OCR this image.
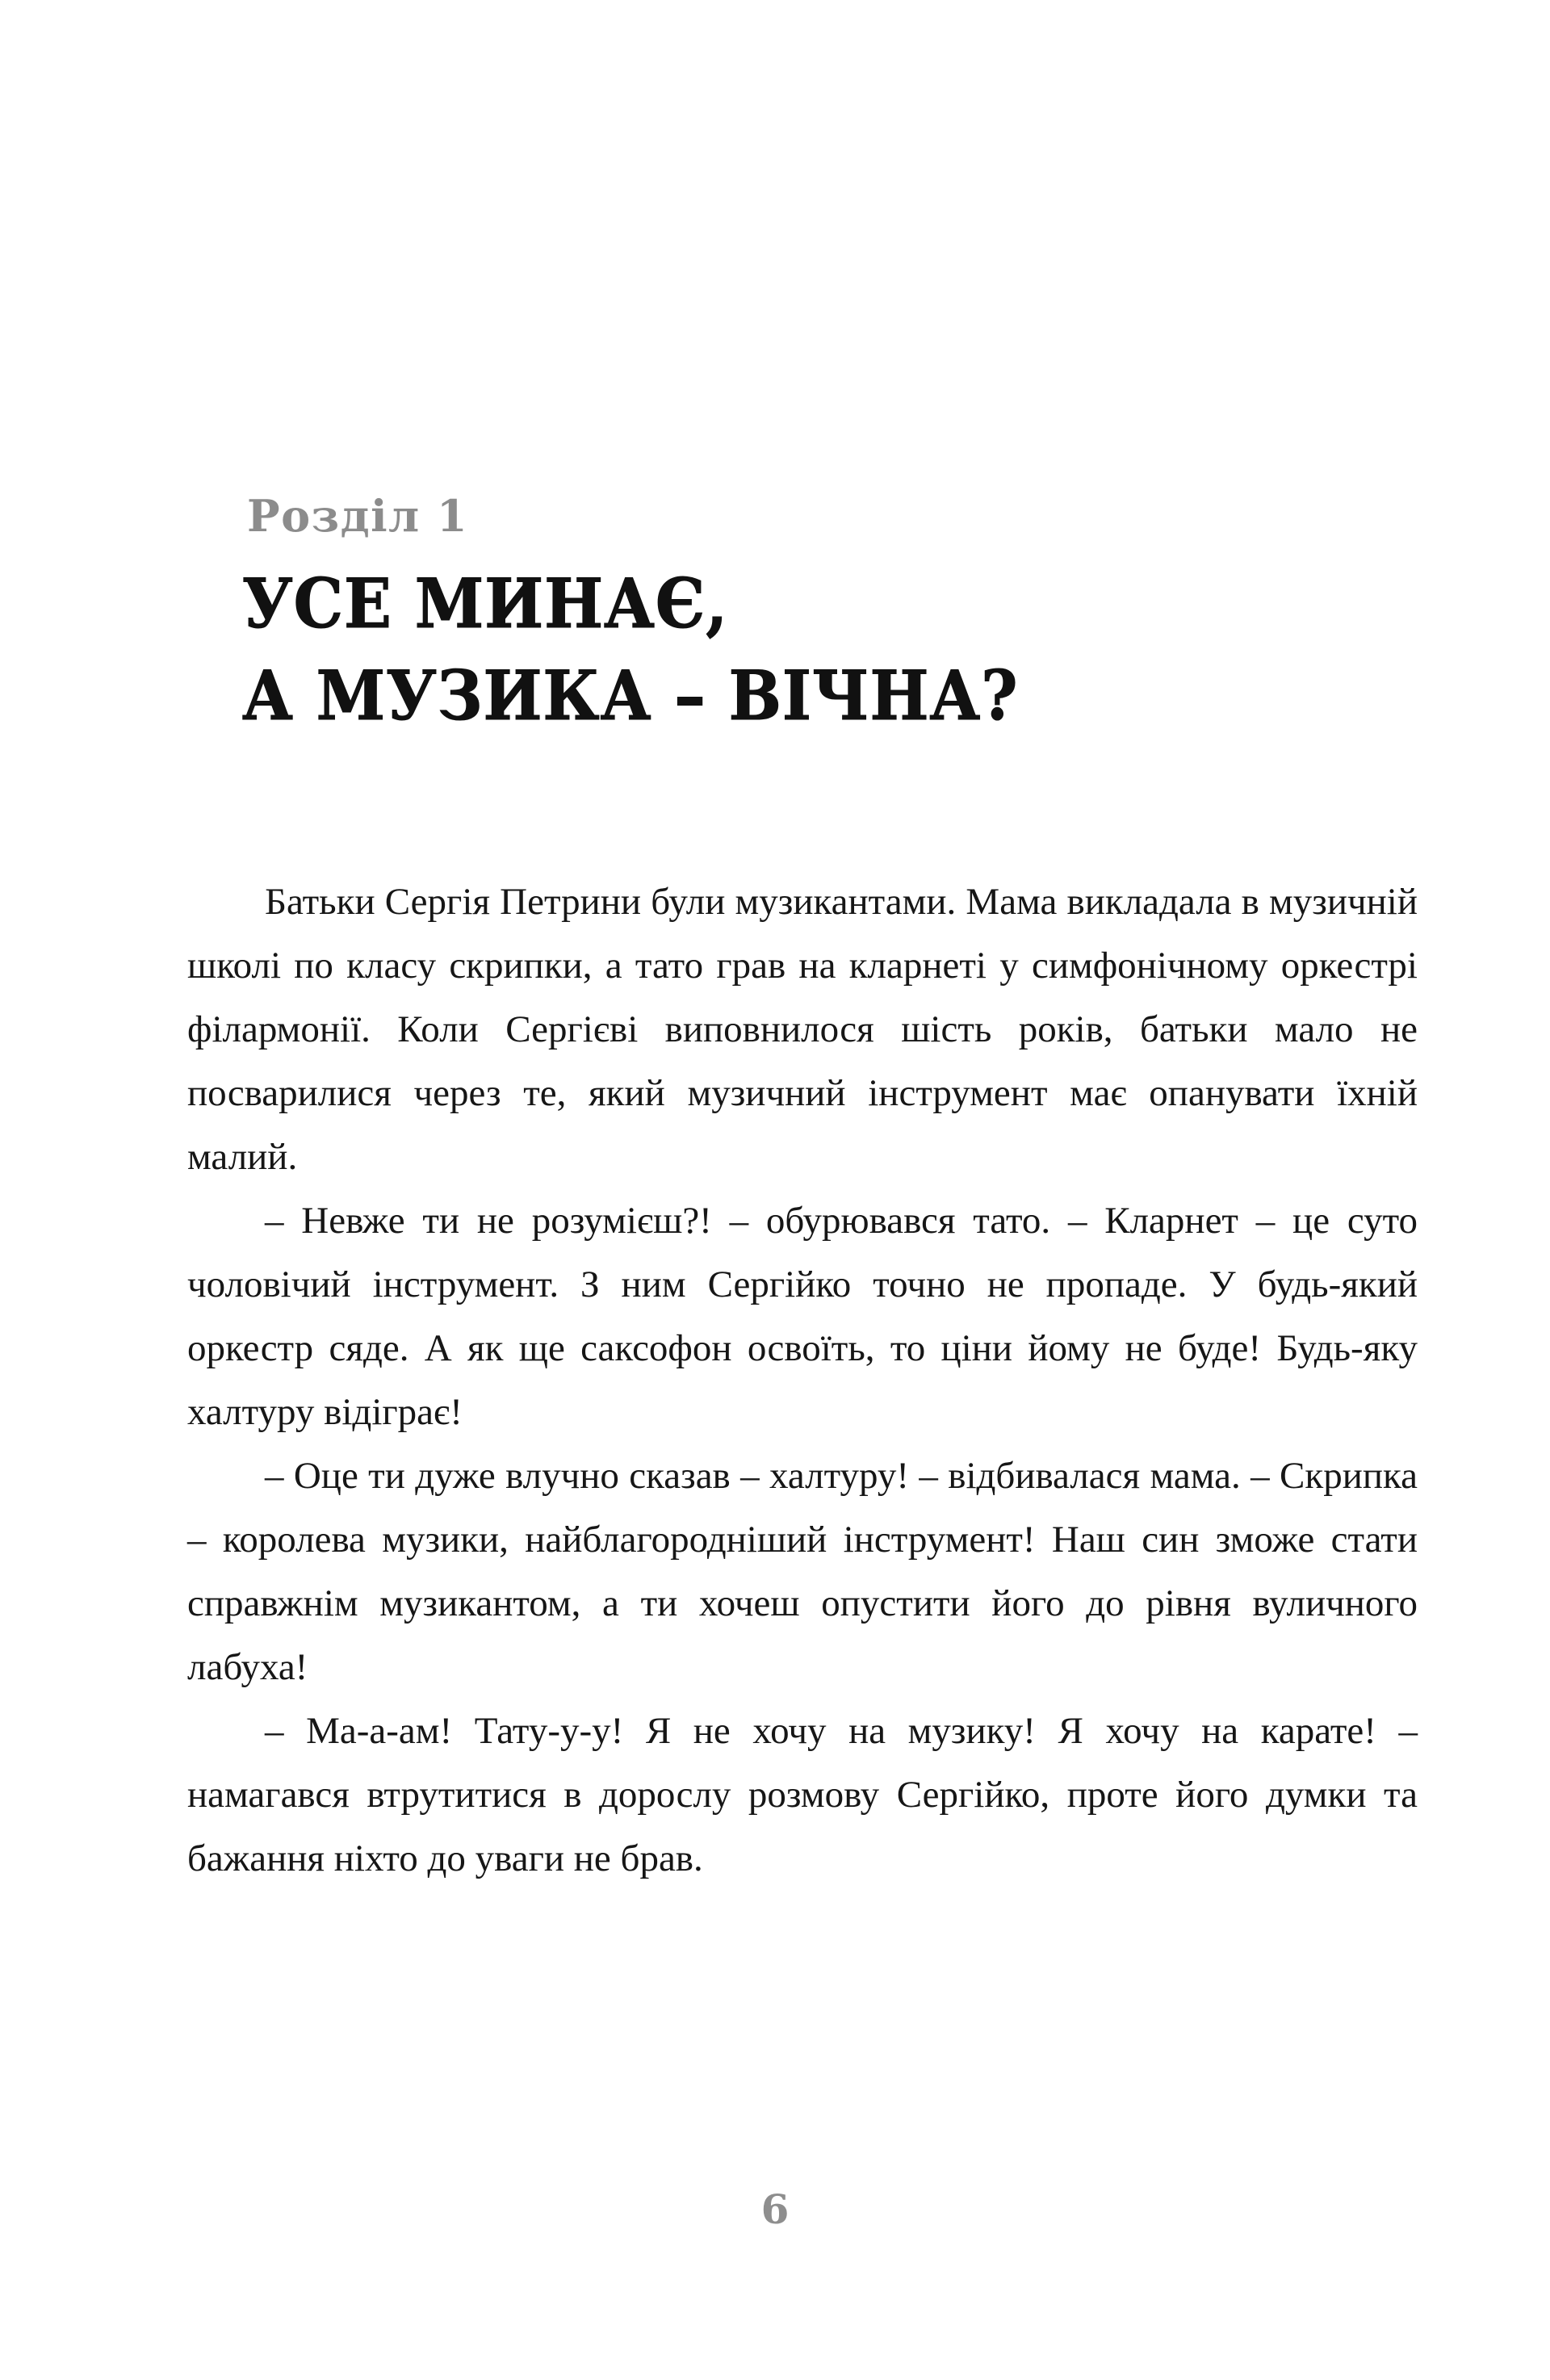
Розділ 1
УСЕ МИНАЄ,
А МУЗИКА – ВІЧНА?

Батьки Сергія Петрини були музикантами. Мама викладала в музичній школі по класу скрипки, а тато грав на кларнеті у симфонічному оркестрі філармонії. Коли Сергієві виповнилося шість років, батьки мало не посварилися через те, який музичний інструмент має опанувати їхній малий.

– Невже ти не розумієш?! – обурювався тато. – Кларнет – це суто чоловічий інструмент. З ним Сергійко точно не пропаде. У будь-який оркестр сяде. А як ще саксофон освоїть, то ціни йому не буде! Будь-яку халтуру відіграє!

– Оце ти дуже влучно сказав – халтуру! – відбивалася мама. – Скрипка – королева музики, найблагородніший інструмент! Наш син зможе стати справжнім музикантом, а ти хочеш опустити його до рівня вуличного лабуха!

– Ма-а-ам! Тату-у-у! Я не хочу на музику! Я хочу на карате! – намагався втрутитися в дорослу розмову Сергійко, проте його думки та бажання ніхто до уваги не брав.

6
